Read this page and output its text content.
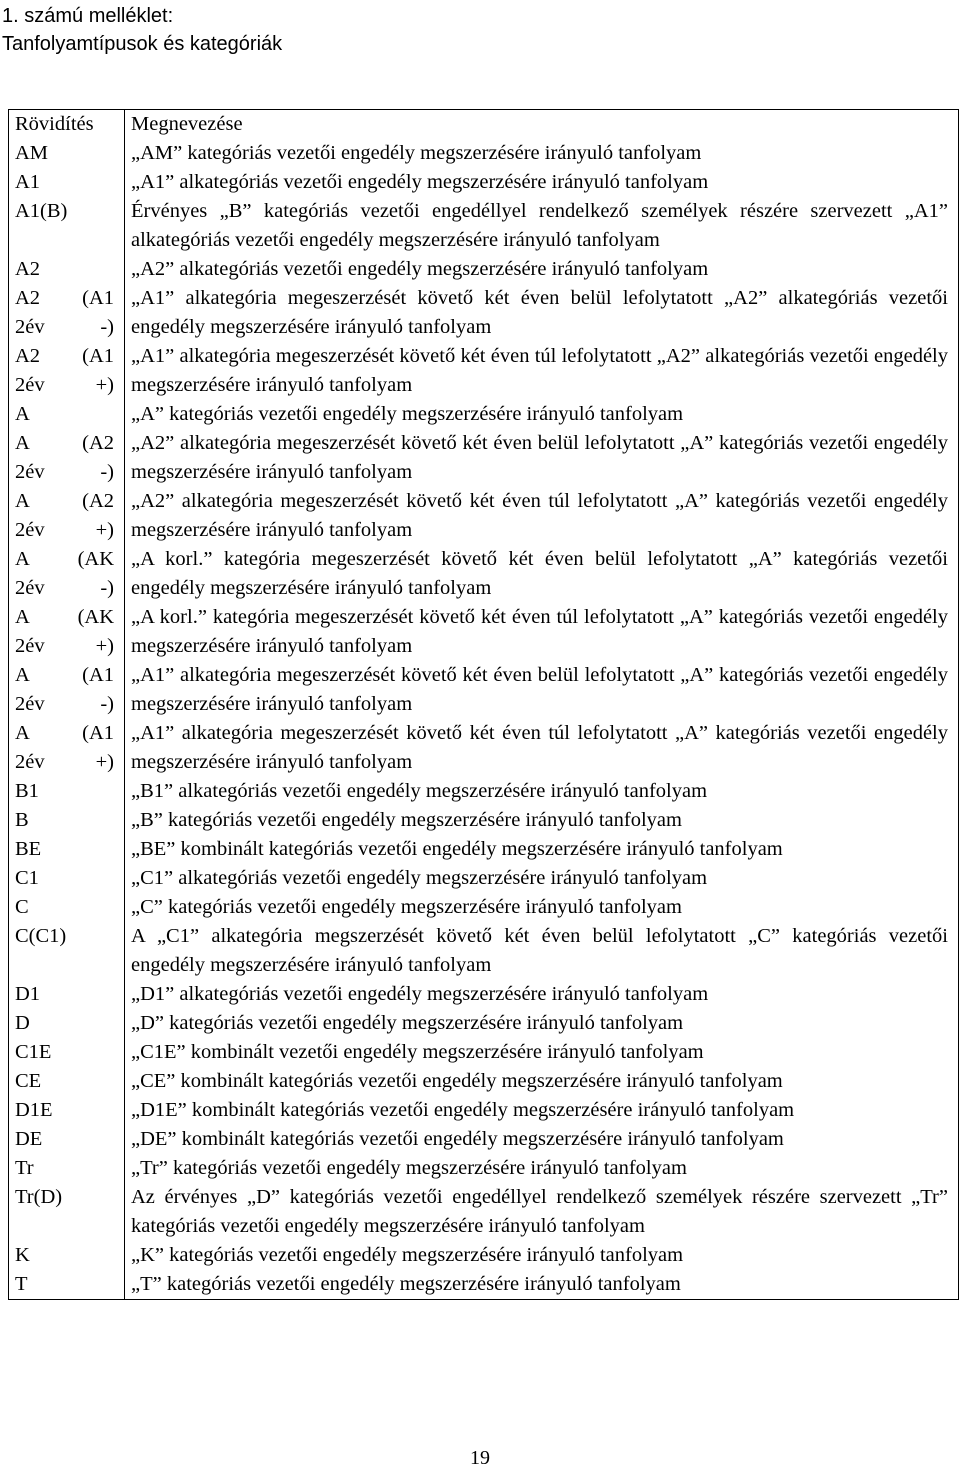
1. számú melléklet:
Tanfolyamtípusok és kategóriák
Rövidítés	Megnevezése

AM	„AM” kategóriás vezetői engedély megszerzésére irányuló tanfolyam

A1	„A1” alkategóriás vezetői engedély megszerzésére irányuló tanfolyam

A1(B)	Érvényes „B” kategóriás vezetői engedéllyel rendelkező személyek részére szervezett „A1” alkategóriás vezetői engedély megszerzésére irányuló tanfolyam

A2	„A2” alkategóriás vezetői engedély megszerzésére irányuló tanfolyam

A2 (A1
2év -)	„A1” alkategória megeszerzését követő két éven belül lefolytatott „A2” alkategóriás vezetői engedély megszerzésére irányuló tanfolyam

A2 (A1
2év +)	„A1” alkategória megeszerzését követő két éven túl lefolytatott „A2” alkategóriás vezetői engedély megszerzésére irányuló tanfolyam

A	„A” kategóriás vezetői engedély megszerzésére irányuló tanfolyam

A (A2
2év -)	„A2” alkategória megeszerzését követő két éven belül lefolytatott „A” kategóriás vezetői engedély megszerzésére irányuló tanfolyam

A (A2
2év +)	„A2” alkategória megeszerzését követő két éven túl lefolytatott „A” kategóriás vezetői engedély megszerzésére irányuló tanfolyam

A (AK
2év -)	„A korl.” kategória megeszerzését követő két éven belül lefolytatott „A” kategóriás vezetői engedély megszerzésére irányuló tanfolyam

A (AK
2év +)	„A korl.” kategória megeszerzését követő két éven túl lefolytatott „A” kategóriás vezetői engedély megszerzésére irányuló tanfolyam

A (A1
2év -)	„A1” alkategória megeszerzését követő két éven belül lefolytatott „A” kategóriás vezetői engedély megszerzésére irányuló tanfolyam

A (A1
2év +)	„A1” alkategória megeszerzését követő két éven túl lefolytatott „A” kategóriás vezetői engedély megszerzésére irányuló tanfolyam

B1	„B1” alkategóriás vezetői engedély megszerzésére irányuló tanfolyam

B	„B” kategóriás vezetői engedély megszerzésére irányuló tanfolyam

BE	„BE” kombinált kategóriás vezetői engedély megszerzésére irányuló tanfolyam

C1	„C1” alkategóriás vezetői engedély megszerzésére irányuló tanfolyam

C	„C” kategóriás vezetői engedély megszerzésére irányuló tanfolyam

C(C1)	A „C1” alkategória megszerzését követő két éven belül lefolytatott „C” kategóriás vezetői engedély megszerzésére irányuló tanfolyam

D1	„D1” alkategóriás vezetői engedély megszerzésére irányuló tanfolyam

D	„D” kategóriás vezetői engedély megszerzésére irányuló tanfolyam

C1E	„C1E” kombinált vezetői engedély megszerzésére irányuló tanfolyam

CE	„CE” kombinált kategóriás vezetői engedély megszerzésére irányuló tanfolyam

D1E	„D1E” kombinált kategóriás vezetői engedély megszerzésére irányuló tanfolyam

DE	„DE” kombinált kategóriás vezetői engedély megszerzésére irányuló tanfolyam

Tr	„Tr” kategóriás vezetői engedély megszerzésére irányuló tanfolyam

Tr(D)	Az érvényes „D” kategóriás vezetői engedéllyel rendelkező személyek részére szervezett „Tr” kategóriás vezetői engedély megszerzésére irányuló tanfolyam

K	„K” kategóriás vezetői engedély megszerzésére irányuló tanfolyam

T	„T” kategóriás vezetői engedély megszerzésére irányuló tanfolyam
19
